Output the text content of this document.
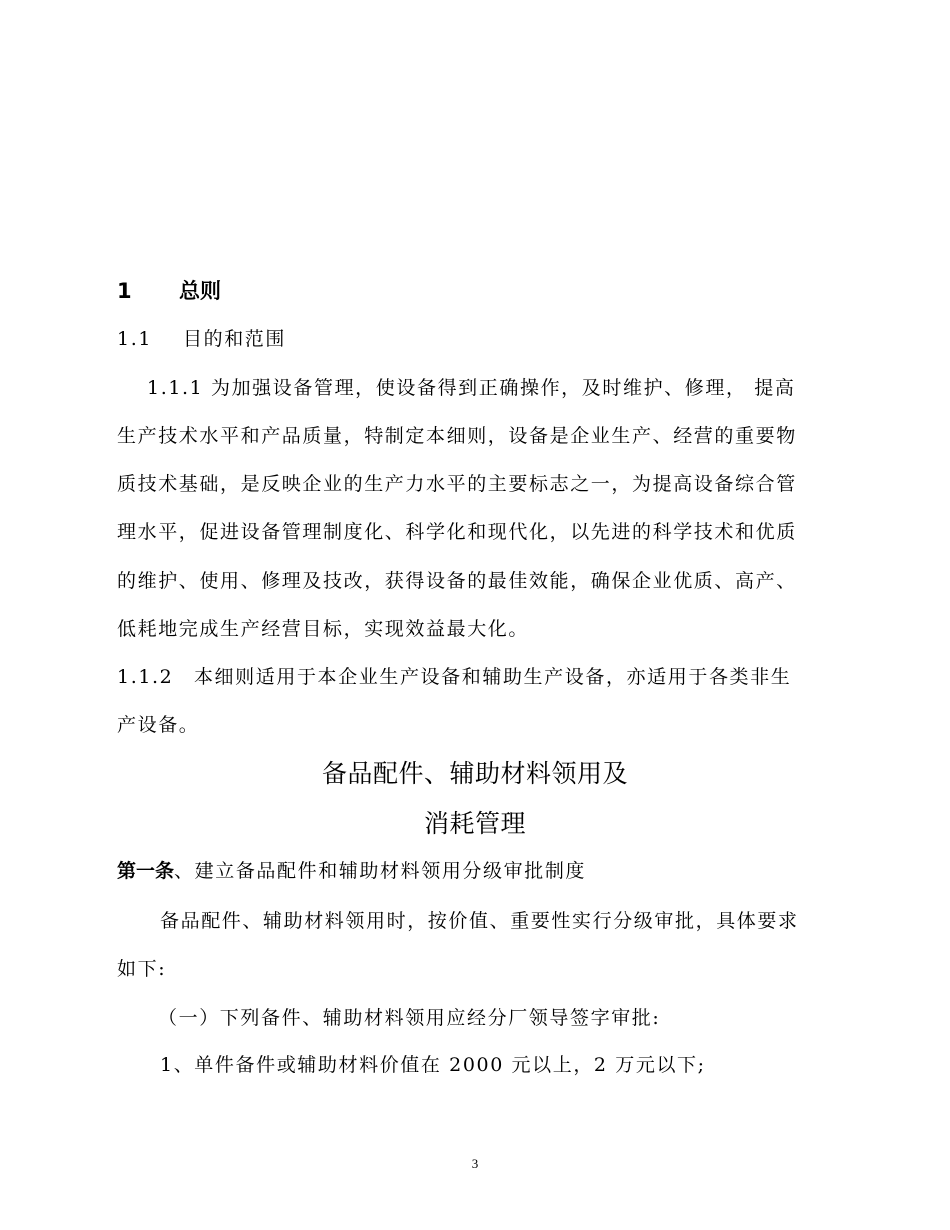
1 总则
1.1 目的和范围
1.1.1 为加强设备管理，使设备得到正确操作，及时维护、修理， 提高
生产技术水平和产品质量，特制定本细则，设备是企业生产、经营的重要物
质技术基础，是反映企业的生产力水平的主要标志之一，为提高设备综合管
理水平，促进设备管理制度化、科学化和现代化，以先进的科学技术和优质
的维护、使用、修理及技改，获得设备的最佳效能，确保企业优质、高产、
低耗地完成生产经营目标，实现效益最大化。
1.1.2　本细则适用于本企业生产设备和辅助生产设备，亦适用于各类非生
产设备。
备品配件、辅助材料领用及
消耗管理
第一条、建立备品配件和辅助材料领用分级审批制度
备品配件、辅助材料领用时，按价值、重要性实行分级审批，具体要求
如下:
（一）下列备件、辅助材料领用应经分厂领导签字审批:
1、单件备件或辅助材料价值在 2000 元以上，2 万元以下;
3
